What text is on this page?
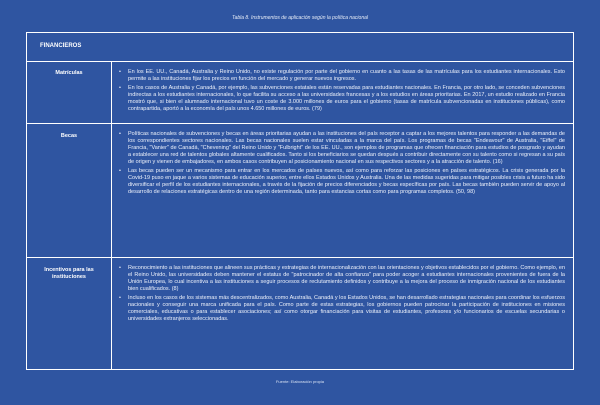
Tabla 8. Instrumentos de aplicación según la política nacional
FINANCIEROS
Matrículas	• En los EE. UU., Canadá, Australia y Reino Unido, no existe regulación por parte del gobierno en cuanto a las tasas de las matrículas para los estudiantes internacionales. Esto permite a las instituciones fijar los precios en función del mercado y generar nuevos ingresos.
• En los casos de Australia y Canadá, por ejemplo, las subvenciones estatales están reservadas para estudiantes nacionales. En Francia, por otro lado, se conceden subvenciones indirectas a los estudiantes internacionales, lo que facilita su acceso a las universidades francesas y a los estudios en áreas prioritarias. En 2017, un estudio realizado en Francia mostró que, si bien el alumnado internacional tuvo un coste de 3.000 millones de euros para el gobierno (tasas de matrícula subvencionadas en instituciones públicas), como contrapartida, aportó a la economía del país unos 4.650 millones de euros. (79)
Becas	• Políticas nacionales de subvenciones y becas en áreas prioritarias ayudan a las instituciones del país receptor a captar a los mejores talentos para responder a las demandas de los correspondientes sectores nacionales. Las becas nacionales suelen estar vinculadas a la marca del país. Los programas de becas "Endeavour" de Australia, "Eiffel" de Francia, "Vanier" de Canadá, "Chevening" del Reino Unido y "Fulbright" de los EE. UU., son ejemplos de programas que ofrecen financiación para estudios de posgrado y ayudan a establecer una red de talentos globales altamente cualificados. Tanto si los beneficiarios se quedan después a contribuir directamente con su talento como si regresan a su país de origen y vienen de embajadores, en ambos casos contribuyen al posicionamiento nacional en sus respectivos sectores y a la atracción de talento. (16)
• Las becas pueden ser un mecanismo para entrar en los mercados de países nuevos, así como para reforzar las posiciones en países estratégicos. La crisis generada por la Covid-19 puso en jaque a varios sistemas de educación superior, entre ellos Estados Unidos y Australia. Una de las medidas sugeridas para mitigar posibles crisis a futuro ha sido diversificar el perfil de los estudiantes internacionales, a través de la fijación de precios diferenciados y becas específicas por país. Las becas también pueden servir de apoyo al desarrollo de relaciones estratégicas dentro de una región determinada, tanto para estancias cortas como para programas completos. (50, 98)
Incentivos para las instituciones
• Reconocimiento a las instituciones que alineen sus prácticas y estrategias de internacionalización con las orientaciones y objetivos establecidos por el gobierno. Como ejemplo, en el Reino Unido, las universidades deben mantener el estatus de "patrocinador de alta confianza" para poder acoger a estudiantes internacionales provenientes de fuera de la Unión Europea, lo cual incentiva a las instituciones a seguir procesos de reclutamiento definidos y contribuye a la mejora del proceso de inmigración nacional de los estudiantes bien cualificados. (8)
• Incluso en los casos de los sistemas más descentralizados, como Australia, Canadá y los Estados Unidos, se han desarrollado estrategias nacionales para coordinar los esfuerzos nacionales y conseguir una marca unificada para el país. Como parte de estas estrategias, los gobiernos pueden patrocinar la participación de instituciones en misiones comerciales, educativas o para establecer asociaciones; así como otorgar financiación para visitas de estudiantes, profesores y/o funcionarios de escuelas secundarias o universidades extranjeros seleccionadas.
Fuente: Elaboración propia
